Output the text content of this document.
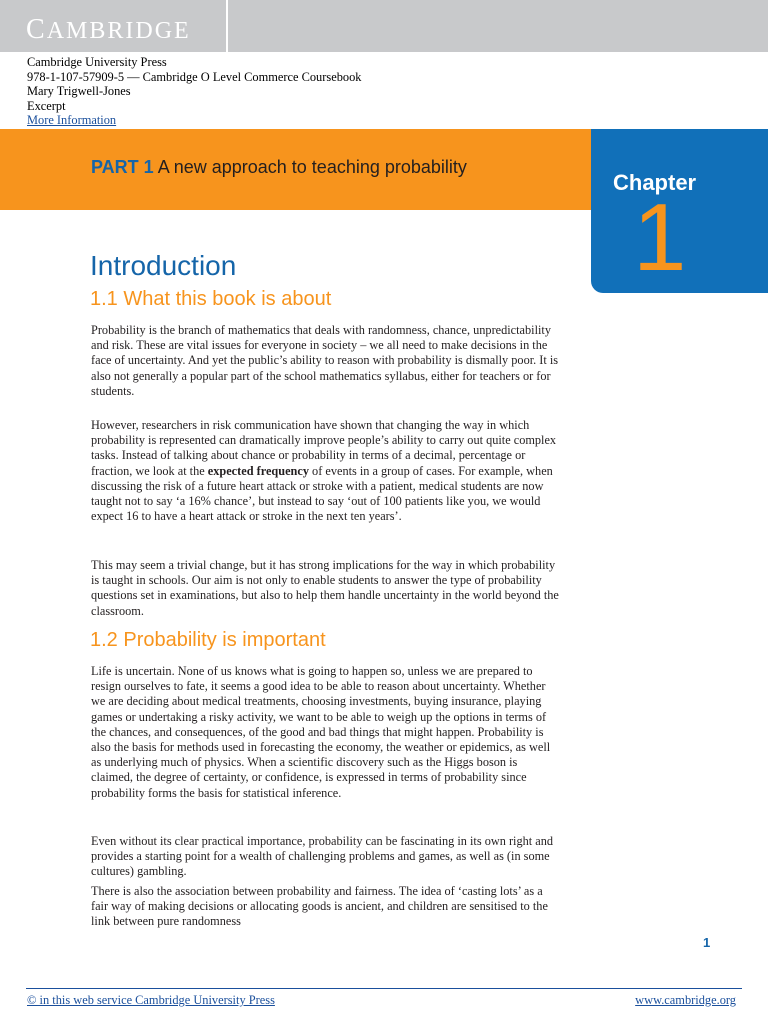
CAMBRIDGE
Cambridge University Press
978-1-107-57909-5 — Cambridge O Level Commerce Coursebook
Mary Trigwell-Jones
Excerpt
More Information
PART 1 A new approach to teaching probability
Chapter
1
Introduction
1.1 What this book is about
Probability is the branch of mathematics that deals with randomness, chance, unpredictability and risk. These are vital issues for everyone in society – we all need to make decisions in the face of uncertainty. And yet the public’s ability to reason with probability is dismally poor. It is also not generally a popular part of the school mathematics syllabus, either for teachers or for students.
However, researchers in risk communication have shown that changing the way in which probability is represented can dramatically improve people’s ability to carry out quite complex tasks. Instead of talking about chance or probability in terms of a decimal, percentage or fraction, we look at the expected frequency of events in a group of cases. For example, when discussing the risk of a future heart attack or stroke with a patient, medical students are now taught not to say ‘a 16% chance’, but instead to say ‘out of 100 patients like you, we would expect 16 to have a heart attack or stroke in the next ten years’.
This may seem a trivial change, but it has strong implications for the way in which probability is taught in schools. Our aim is not only to enable students to answer the type of probability questions set in examinations, but also to help them handle uncertainty in the world beyond the classroom.
1.2 Probability is important
Life is uncertain. None of us knows what is going to happen so, unless we are prepared to resign ourselves to fate, it seems a good idea to be able to reason about uncertainty. Whether we are deciding about medical treatments, choosing investments, buying insurance, playing games or undertaking a risky activity, we want to be able to weigh up the options in terms of the chances, and consequences, of the good and bad things that might happen. Probability is also the basis for methods used in forecasting the economy, the weather or epidemics, as well as underlying much of physics. When a scientific discovery such as the Higgs boson is claimed, the degree of certainty, or confidence, is expressed in terms of probability since probability forms the basis for statistical inference.
Even without its clear practical importance, probability can be fascinating in its own right and provides a starting point for a wealth of challenging problems and games, as well as (in some cultures) gambling.
There is also the association between probability and fairness. The idea of ‘casting lots’ as a fair way of making decisions or allocating goods is ancient, and children are sensitised to the link between pure randomness
1
© in this web service Cambridge University Press	www.cambridge.org
